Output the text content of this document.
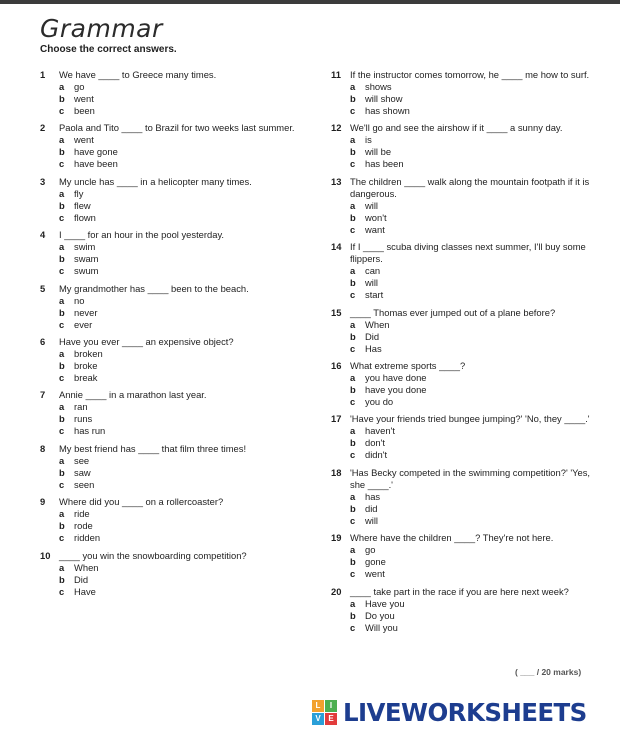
Grammar
Choose the correct answers.
1 We have ____ to Greece many times.
a go
b went
c been
2 Paola and Tito ____ to Brazil for two weeks last summer.
a went
b have gone
c have been
3 My uncle has ____ in a helicopter many times.
a fly
b flew
c flown
4 I ____ for an hour in the pool yesterday.
a swim
b swam
c swum
5 My grandmother has ____ been to the beach.
a no
b never
c ever
6 Have you ever ____ an expensive object?
a broken
b broke
c break
7 Annie ____ in a marathon last year.
a ran
b runs
c has run
8 My best friend has ____ that film three times!
a see
b saw
c seen
9 Where did you ____ on a rollercoaster?
a ride
b rode
c ridden
10 ____ you win the snowboarding competition?
a When
b Did
c Have
11 If the instructor comes tomorrow, he ____ me how to surf.
a shows
b will show
c has shown
12 We'll go and see the airshow if it ____ a sunny day.
a is
b will be
c has been
13 The children ____ walk along the mountain footpath if it is dangerous.
a will
b won't
c want
14 If I ____ scuba diving classes next summer, I'll buy some flippers.
a can
b will
c start
15 ____ Thomas ever jumped out of a plane before?
a When
b Did
c Has
16 What extreme sports ____?
a you have done
b have you done
c you do
17 'Have your friends tried bungee jumping?' 'No, they ____.'
a haven't
b don't
c didn't
18 'Has Becky competed in the swimming competition?' 'Yes, she ____.'
a has
b did
c will
19 Where have the children ____? They're not here.
a go
b gone
c went
20 ____ take part in the race if you are here next week?
a Have you
b Do you
c Will you
( ___ / 20 marks)
L	I
V E LIVEWORKSHEETS
